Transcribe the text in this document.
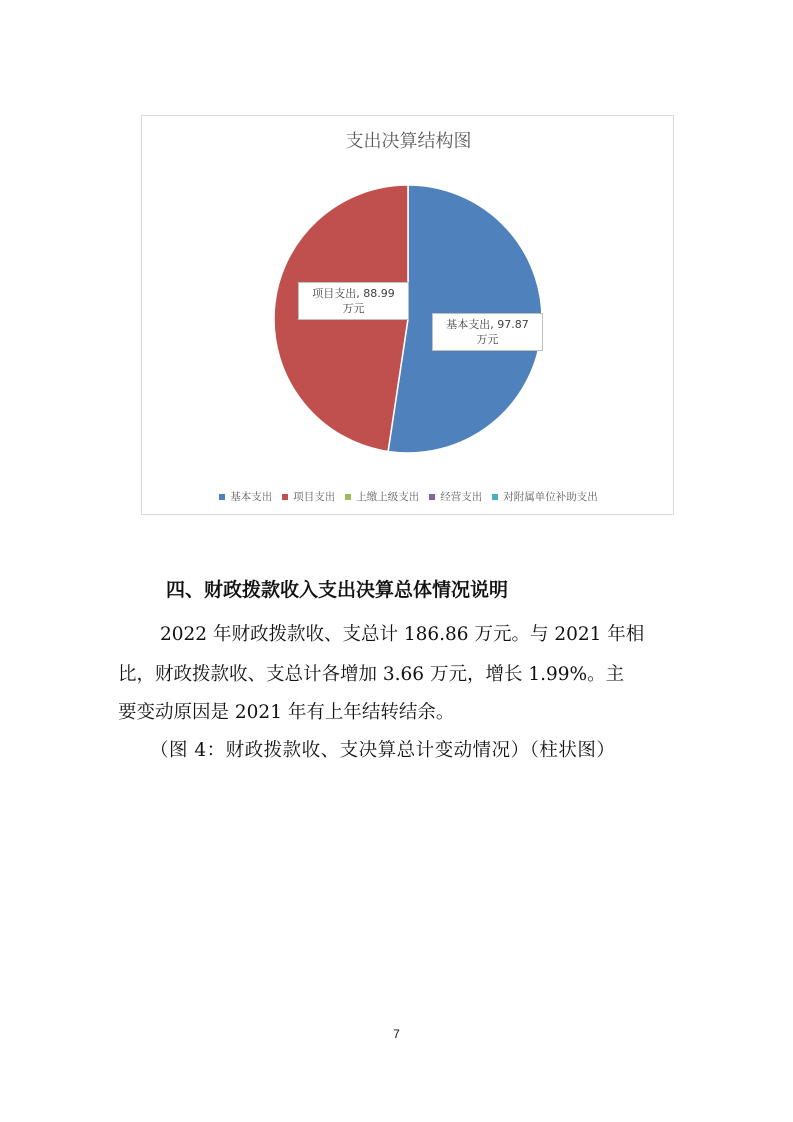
支出决算结构图
基本支出, 97.87
万元
项目支出, 88.99
万元
基本支出 项目支出 上缴上级支出 经营支出 对附属单位补助支出
四、财政拨款收入支出决算总体情况说明
2022 年财政拨款收、支总计 186.86 万元。与 2021 年相
比，财政拨款收、支总计各增加 3.66 万元，增长 1.99%。主
要变动原因是 2021 年有上年结转结余。
（图 4：财政拨款收、支决算总计变动情况）（柱状图）
7
